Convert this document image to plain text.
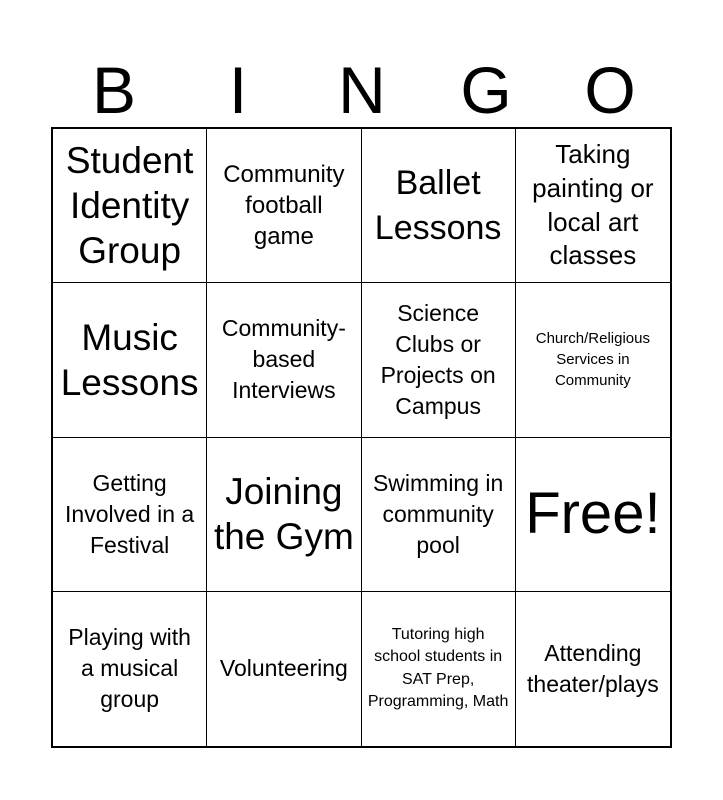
B	I	N	G	O
Student Identity Group
Community football game
Ballet Lessons
Taking painting or local art classes
Music Lessons
Community-based Interviews
Science Clubs or Projects on Campus
Church/Religious Services in Community
Getting Involved in a Festival
Joining the Gym
Swimming in community pool	Free!
Playing with a musical group
Volunteering
Tutoring high school students in SAT Prep, Programming, Math
Attending theater/plays
